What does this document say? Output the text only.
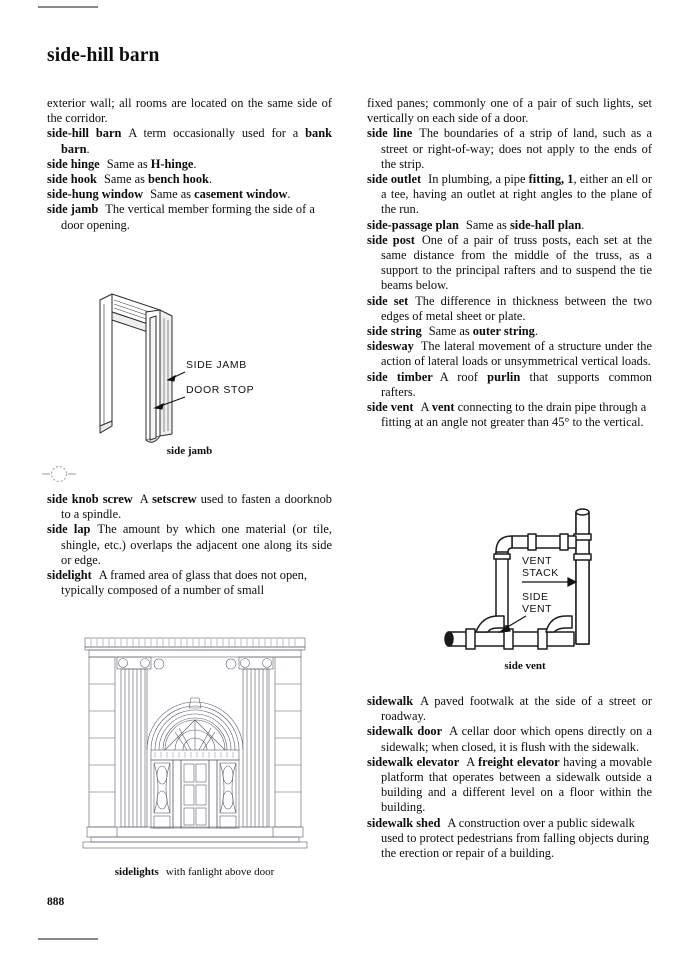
side-hill barn

exterior wall; all rooms are located on the same side of the corridor.

side-hill barn A term occasionally used for a bank barn.

side hinge Same as H-hinge.

side hook Same as bench hook.

side-hung window Same as casement window.

side jamb The vertical member forming the side of a door opening.

SIDE JAMB
DOOR STOP
side jamb

side knob screw A setscrew used to fasten a doorknob to a spindle.

side lap The amount by which one material (or tile, shingle, etc.) overlaps the adjacent one along its side or edge.

sidelight A framed area of glass that does not open, typically composed of a number of small

sidelights with fanlight above door

fixed panes; commonly one of a pair of such lights, set vertically on each side of a door.

side line The boundaries of a strip of land, such as a street or right-of-way; does not apply to the ends of the strip.

side outlet In plumbing, a pipe fitting, 1, either an ell or a tee, having an outlet at right angles to the plane of the run.

side-passage plan Same as side-hall plan.

side post One of a pair of truss posts, each set at the same distance from the middle of the truss, as a support to the principal rafters and to suspend the tie beams below.

side set The difference in thickness between the two edges of metal sheet or plate.

side string Same as outer string.

sidesway The lateral movement of a structure under the action of lateral loads or unsymmetrical vertical loads.

side timber A roof purlin that supports common rafters.

side vent A vent connecting to the drain pipe through a fitting at an angle not greater than 45° to the vertical.

VENT
STACK
SIDE
VENT
side vent

sidewalk A paved footwalk at the side of a street or roadway.

sidewalk door A cellar door which opens directly on a sidewalk; when closed, it is flush with the sidewalk.

sidewalk elevator A freight elevator having a movable platform that operates between a sidewalk outside a building and a different level on a floor within the building.

sidewalk shed A construction over a public sidewalk used to protect pedestrians from falling objects during the erection or repair of a building.

888
